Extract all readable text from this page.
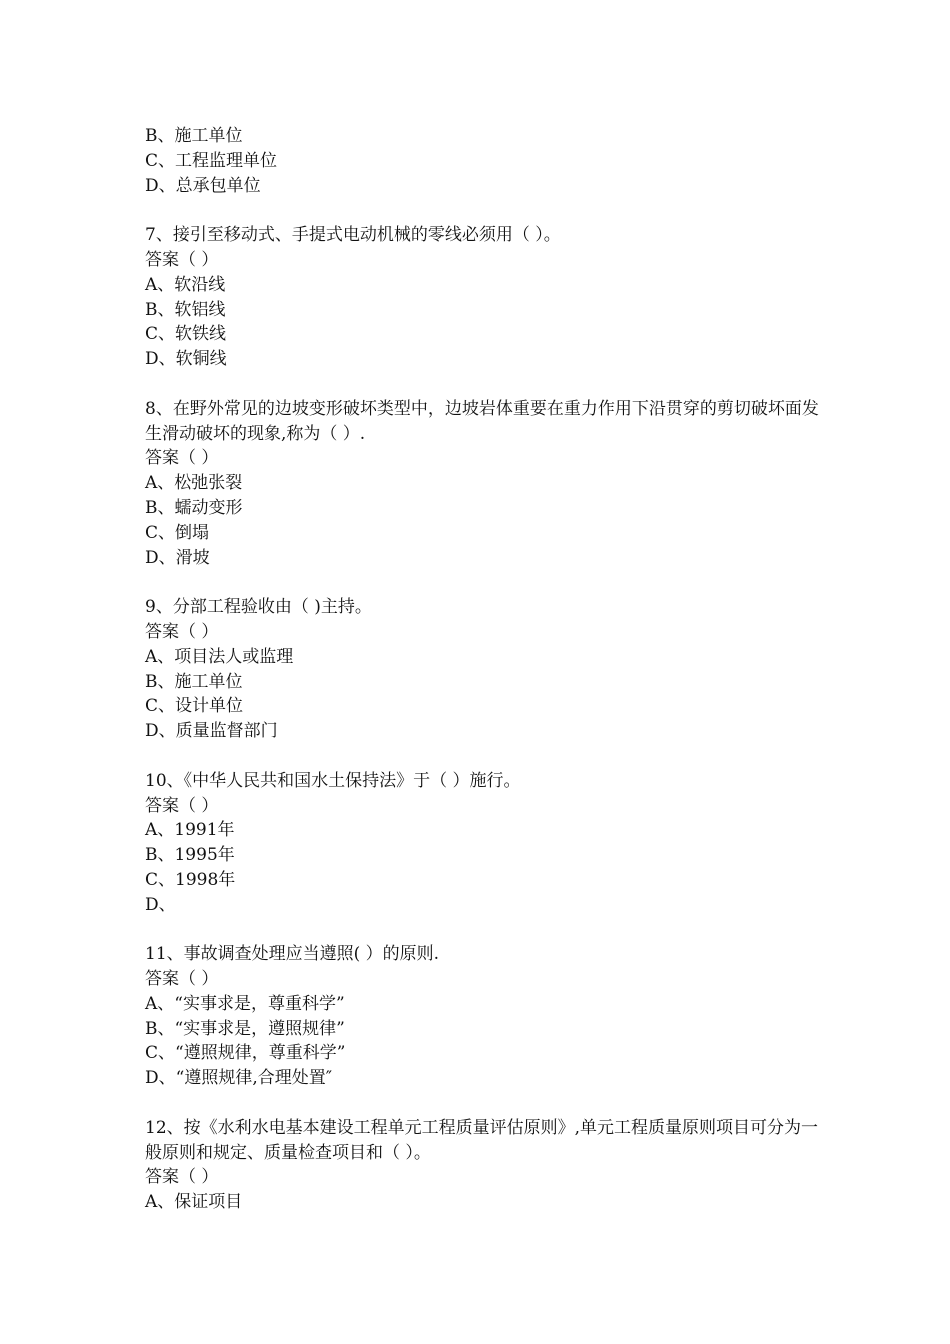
B、施工单位
C、工程监理单位
D、总承包单位
7、接引至移动式、手提式电动机械的零线必须用（ ）。
答案（ ）
A、软沿线
B、软铝线
C、软铁线
D、软铜线
8、在野外常见的边坡变形破坏类型中，边坡岩体重要在重力作用下沿贯穿的剪切破坏面发生滑动破坏的现象,称为（ ）.
答案（ ）
A、松弛张裂
B、蠕动变形
C、倒塌
D、滑坡
9、分部工程验收由（ )主持。
答案（ ）
A、项目法人或监理
B、施工单位
C、设计单位
D、质量监督部门
10、《中华人民共和国水土保持法》于（ ）施行。
答案（ ）
A、1991年
B、1995年
C、1998年
D、
11、事故调查处理应当遵照( ）的原则.
答案（ ）
A、“实事求是，尊重科学”
B、“实事求是，遵照规律”
C、“遵照规律，尊重科学”
D、“遵照规律,合理处置″
12、按《水利水电基本建设工程单元工程质量评估原则》,单元工程质量原则项目可分为一般原则和规定、质量检查项目和（ ）。
答案（ ）
A、保证项目
